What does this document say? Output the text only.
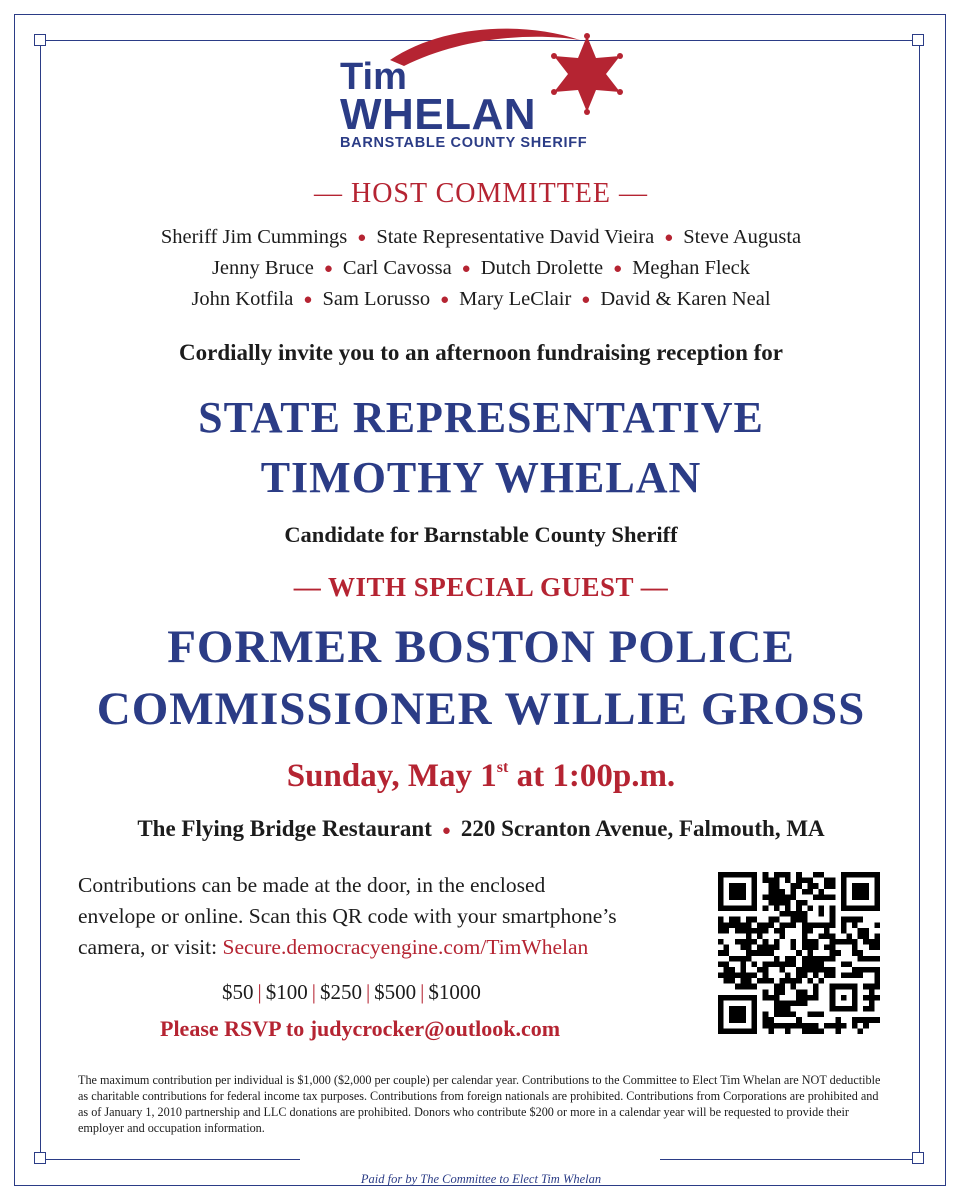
Tim
WHELAN
BARNSTABLE COUNTY SHERIFF
— HOST COMMITTEE —
Sheriff Jim Cummings ● State Representative David Vieira ● Steve Augusta
Jenny Bruce ● Carl Cavossa ● Dutch Drolette ● Meghan Fleck
John Kotfila ● Sam Lorusso ● Mary LeClair ● David & Karen Neal
Cordially invite you to an afternoon fundraising reception for
STATE REPRESENTATIVE
TIMOTHY WHELAN
Candidate for Barnstable County Sheriff
— WITH SPECIAL GUEST —
FORMER BOSTON POLICE
COMMISSIONER WILLIE GROSS
Sunday, May 1st at 1:00p.m.
The Flying Bridge Restaurant ● 220 Scranton Avenue, Falmouth, MA
Contributions can be made at the door, in the enclosed
envelope or online. Scan this QR code with your smartphone’s
camera, or visit: Secure.democracyengine.com/TimWhelan
$50 | $100 | $250 | $500 | $1000
Please RSVP to judycrocker@outlook.com
The maximum contribution per individual is $1,000 ($2,000 per couple) per calendar year. Contributions to the Committee to Elect Tim Whelan are NOT deductible as charitable contributions for federal income tax purposes. Contributions from foreign nationals are prohibited. Contributions from Corporations are prohibited and as of January 1, 2010 partnership and LLC donations are prohibited. Donors who contribute $200 or more in a calendar year will be requested to provide their employer and occupation information.
Paid for by The Committee to Elect Tim Whelan
